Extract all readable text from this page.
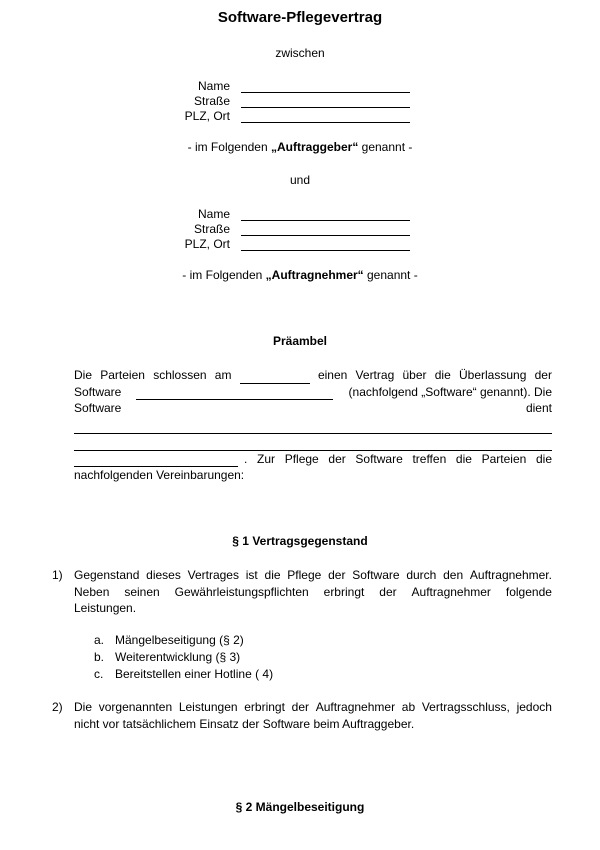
Software-Pflegevertrag
zwischen
Name
Straße
PLZ, Ort
- im Folgenden „Auftraggeber“ genannt -
und
Name
Straße
PLZ, Ort
- im Folgenden „Auftragnehmer“ genannt -
Präambel
Die Parteien schlossen am	einen Vertrag über die Überlassung der
Software	(nachfolgend „Software“ genannt). Die
Software	dient
. Zur Pflege der Software treffen die Parteien die
nachfolgenden Vereinbarungen:
§ 1 Vertragsgegenstand
1) Gegenstand dieses Vertrages ist die Pflege der Software durch den Auftragnehmer.
Neben seinen Gewährleistungspflichten erbringt der Auftragnehmer folgende
Leistungen.
a. Mängelbeseitigung (§ 2)
b. Weiterentwicklung (§ 3)
c. Bereitstellen einer Hotline ( 4)
2) Die vorgenannten Leistungen erbringt der Auftragnehmer ab Vertragsschluss, jedoch
nicht vor tatsächlichem Einsatz der Software beim Auftraggeber.
§ 2 Mängelbeseitigung
